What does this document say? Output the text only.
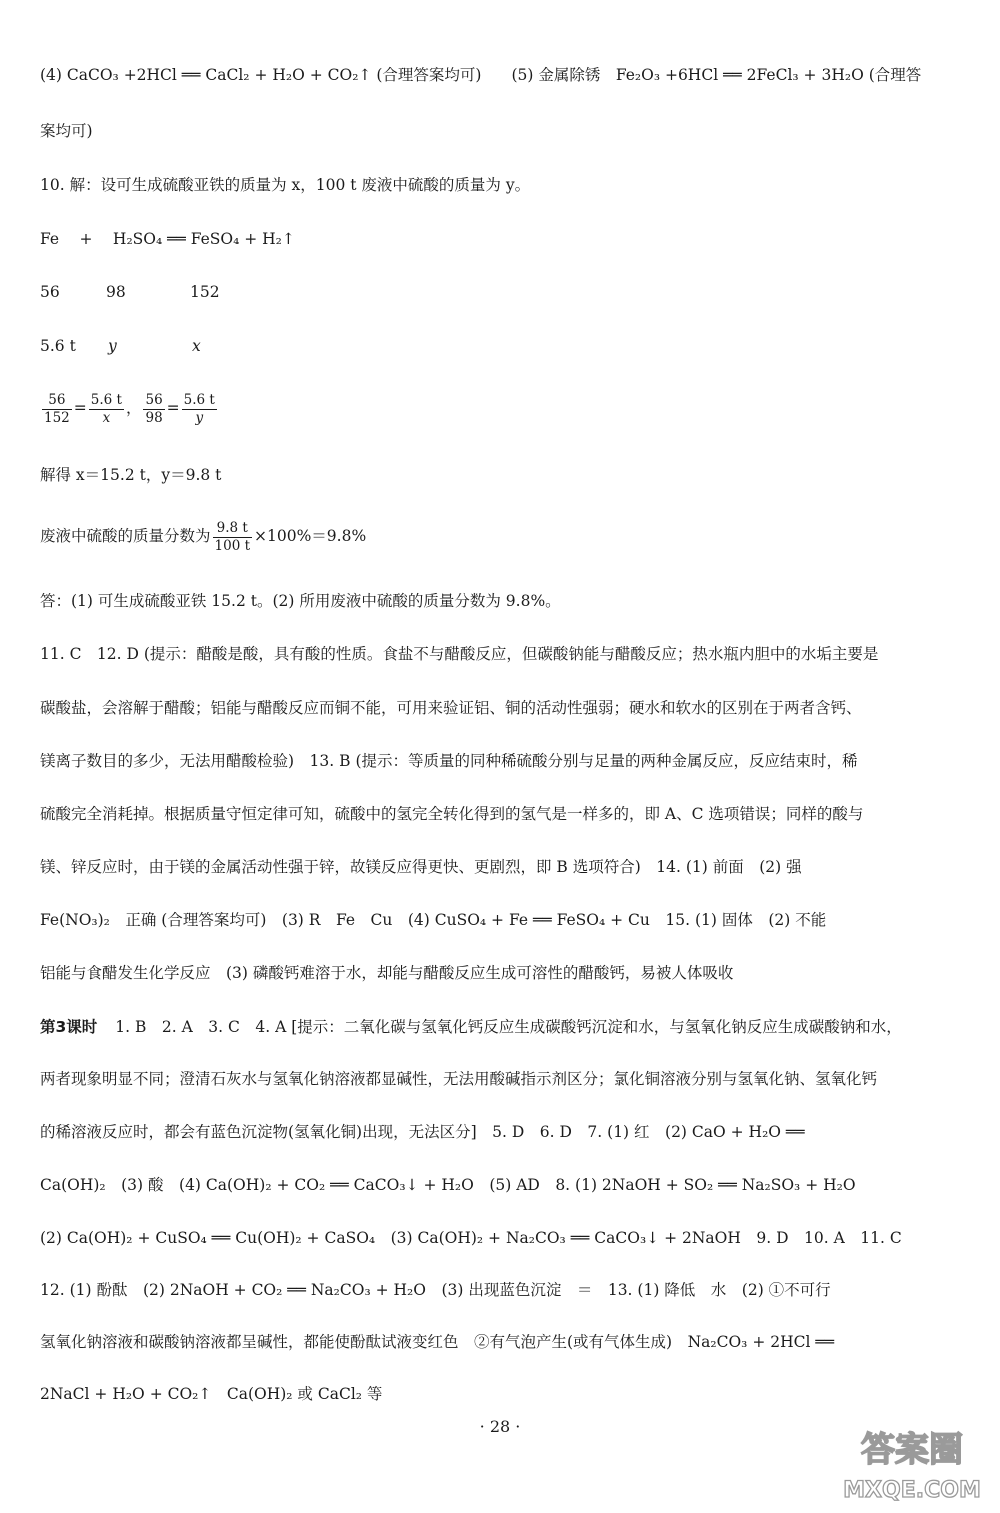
(4) CaCO₃ +2HCl ══ CaCl₂ + H₂O + CO₂↑ (合理答案均可) (5) 金属除锈　Fe₂O₃ +6HCl ══ 2FeCl₃ + 3H₂O (合理答
案均可)
10. 解：设可生成硫酸亚铁的质量为 x，100 t 废液中硫酸的质量为 y。
Fe　 +　 H₂SO₄ ══ FeSO₄ + H₂↑
56	98	152
5.6 t y	x
$\frac{56}{152} = \frac{5.6 t}{x}$ ， $\frac{56}{98} = \frac{5.6 t}{y}$
解得 x＝15.2 t，y＝9.8 t
废液中硫酸的质量分数为 $\frac{9.8 t}{100 t} \times 100\%=9.8\%$
答：(1) 可生成硫酸亚铁 15.2 t。(2) 所用废液中硫酸的质量分数为 9.8%。
11. C　12. D (提示：醋酸是酸，具有酸的性质。食盐不与醋酸反应，但碳酸钠能与醋酸反应；热水瓶内胆中的水垢主要是
碳酸盐，会溶解于醋酸；铝能与醋酸反应而铜不能，可用来验证铝、铜的活动性强弱；硬水和软水的区别在于两者含钙、
镁离子数目的多少，无法用醋酸检验)　13. B (提示：等质量的同种稀硫酸分别与足量的两种金属反应，反应结束时，稀
硫酸完全消耗掉。根据质量守恒定律可知，硫酸中的氢完全转化得到的氢气是一样多的，即 A、C 选项错误；同样的酸与
镁、锌反应时，由于镁的金属活动性强于锌，故镁反应得更快、更剧烈，即 B 选项符合)　14. (1) 前面　(2) 强
Fe(NO₃)₂　正确 (合理答案均可)　(3) R　Fe　Cu　(4) CuSO₄ + Fe ══ FeSO₄ + Cu　15. (1) 固体　(2) 不能
铝能与食醋发生化学反应　(3) 磷酸钙难溶于水，却能与醋酸反应生成可溶性的醋酸钙，易被人体吸收
第3课时 1. B　2. A　3. C　4. A [提示：二氧化碳与氢氧化钙反应生成碳酸钙沉淀和水，与氢氧化钠反应生成碳酸钠和水，
两者现象明显不同；澄清石灰水与氢氧化钠溶液都显碱性，无法用酸碱指示剂区分；氯化铜溶液分别与氢氧化钠、氢氧化钙
的稀溶液反应时，都会有蓝色沉淀物(氢氧化铜)出现，无法区分]　5. D　6. D　7. (1) 红　(2) CaO + H₂O ══
Ca(OH)₂　(3) 酸　(4) Ca(OH)₂ + CO₂ ══ CaCO₃↓ + H₂O　(5) AD　8. (1) 2NaOH + SO₂ ══ Na₂SO₃ + H₂O
(2) Ca(OH)₂ + CuSO₄ ══ Cu(OH)₂ + CaSO₄　(3) Ca(OH)₂ + Na₂CO₃ ══ CaCO₃↓ + 2NaOH　9. D　10. A　11. C
12. (1) 酚酞　(2) 2NaOH + CO₂ ══ Na₂CO₃ + H₂O　(3) 出现蓝色沉淀　＝　13. (1) 降低　水　(2) ①不可行
氢氧化钠溶液和碳酸钠溶液都呈碱性，都能使酚酞试液变红色　②有气泡产生(或有气体生成)　Na₂CO₃ + 2HCl ══
2NaCl + H₂O + CO₂↑　Ca(OH)₂ 或 CaCl₂ 等
· 28 ·
答案圈
MXQE.COM
